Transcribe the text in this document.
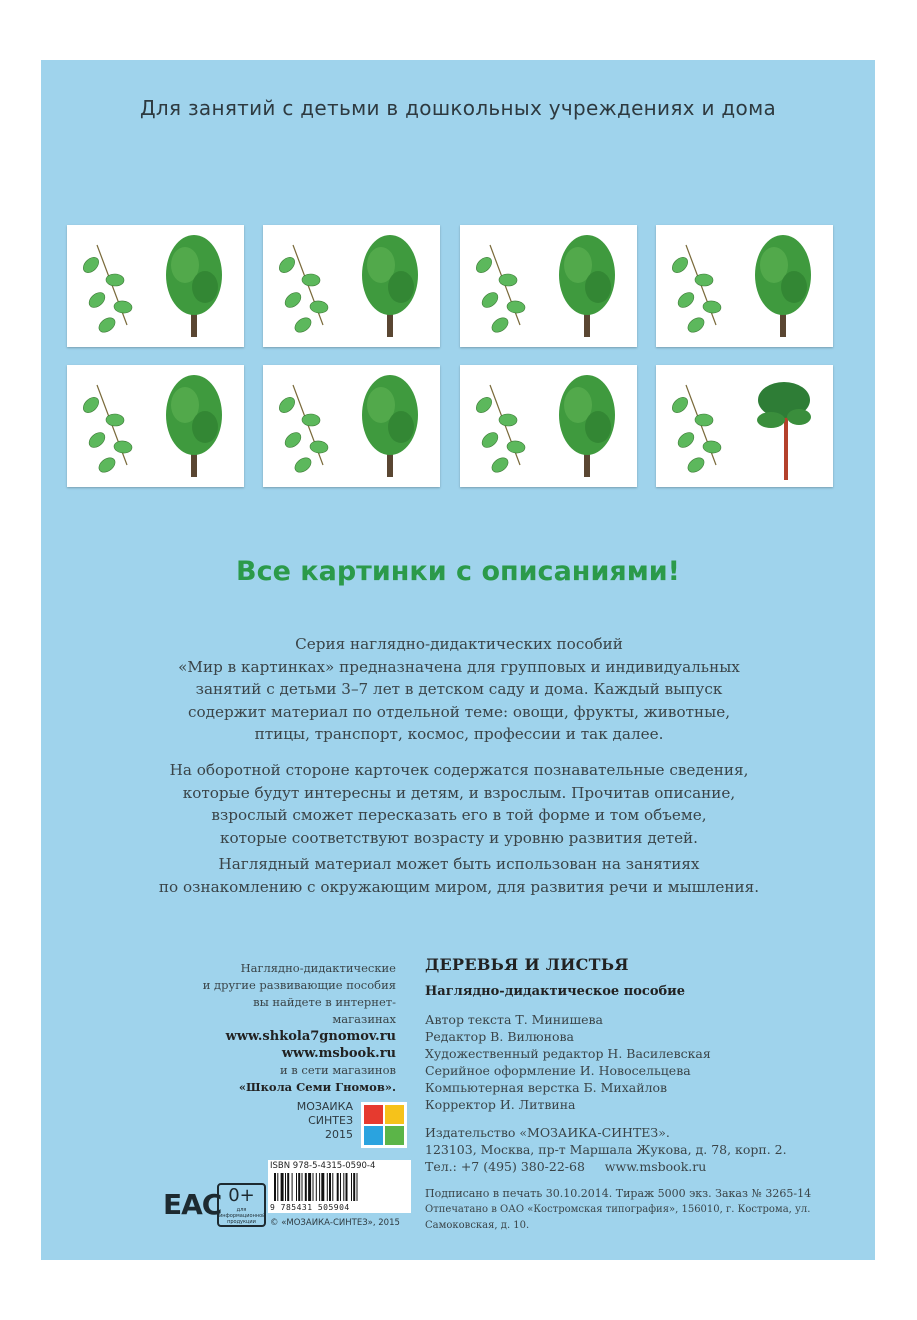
Для занятий с детьми в дошкольных учреждениях и дома
Все картинки с описаниями!
Серия наглядно-дидактических пособий
«Мир в картинках» предназначена для групповых и индивидуальных
занятий с детьми 3–7 лет в детском саду и дома. Каждый выпуск
содержит материал по отдельной теме: овощи, фрукты, животные,
птицы, транспорт, космос, профессии и так далее.
На оборотной стороне карточек содержатся познавательные сведения,
которые будут интересны и детям, и взрослым. Прочитав описание,
взрослый сможет пересказать его в той форме и том объеме,
которые соответствуют возрасту и уровню развития детей.
Наглядный материал может быть использован на занятиях
по ознакомлению с окружающим миром, для развития речи и мышления.
Наглядно-дидактические
и другие развивающие пособия
вы найдете в интернет-магазинах
www.shkola7gnomov.ru
www.msbook.ru
и в сети магазинов
«Школа Семи Гномов».
ДЕРЕВЬЯ И ЛИСТЬЯ
Наглядно-дидактическое пособие
Автор текста Т. Минишева
Редактор В. Вилюнова
Художественный редактор Н. Василевская
Серийное оформление И. Новосельцева
Компьютерная верстка Б. Михайлов
Корректор И. Литвина
Издательство «МОЗАИКА-СИНТЕЗ».
123103, Москва, пр-т Маршала Жукова, д. 78, корп. 2.
Тел.: +7 (495) 380-22-68     www.msbook.ru
Подписано в печать 30.10.2014. Тираж 5000 экз. Заказ № 3265-14
Отпечатано в ОАО «Костромская типография», 156010, г. Кострома, ул. Самоковская, д. 10.
МОЗАИКА
СИНТЕЗ
2015
ISBN 978-5-4315-0590-4
9 785431 505904
© «МОЗАИКА-СИНТЕЗ», 2015
EAC 0+
для информационной продукции
